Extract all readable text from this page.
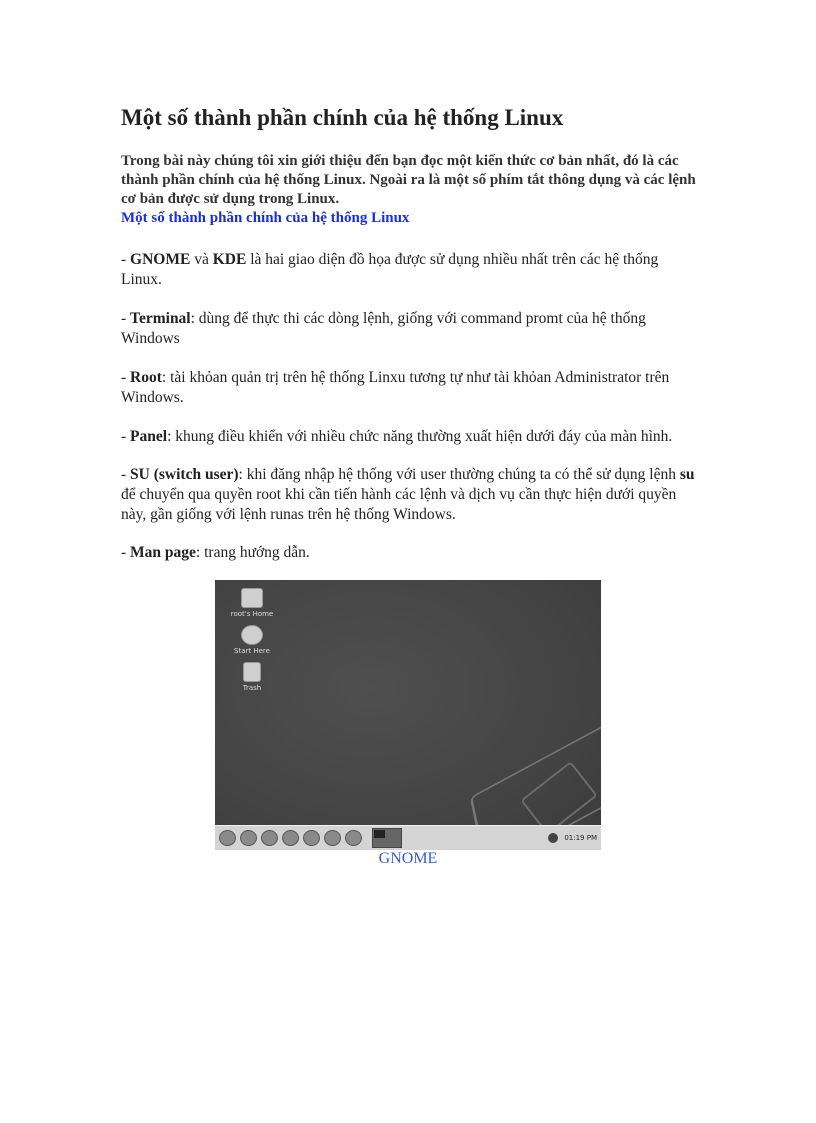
Một số thành phần chính của hệ thống Linux

Trong bài này chúng tôi xin giới thiệu đến bạn đọc một kiến thức cơ bản nhất, đó là các thành phần chính của hệ thống Linux. Ngoài ra là một số phím tắt thông dụng và các lệnh cơ bản được sử dụng trong Linux.
Một số thành phần chính của hệ thống Linux

- GNOME và KDE là hai giao diện đồ họa được sử dụng nhiều nhất trên các hệ thống Linux.

- Terminal: dùng để thực thi các dòng lệnh, giống với command promt của hệ thống Windows

- Root: tài khỏan quản trị trên hệ thống Linxu tương tự như tài khỏan Administrator trên Windows.

- Panel: khung điều khiển với nhiều chức năng thường xuất hiện dưới đáy của màn hình.

- SU (switch user): khi đăng nhập hệ thống với user thường chúng ta có thể sử dụng lệnh su để chuyển qua quyền root khi cần tiến hành các lệnh và dịch vụ cần thực hiện dưới quyền này, gần giống với lệnh runas trên hệ thống Windows.

- Man page: trang hướng dẫn.

root's Home
Start Here
Trash
01:19 PM
GNOME
